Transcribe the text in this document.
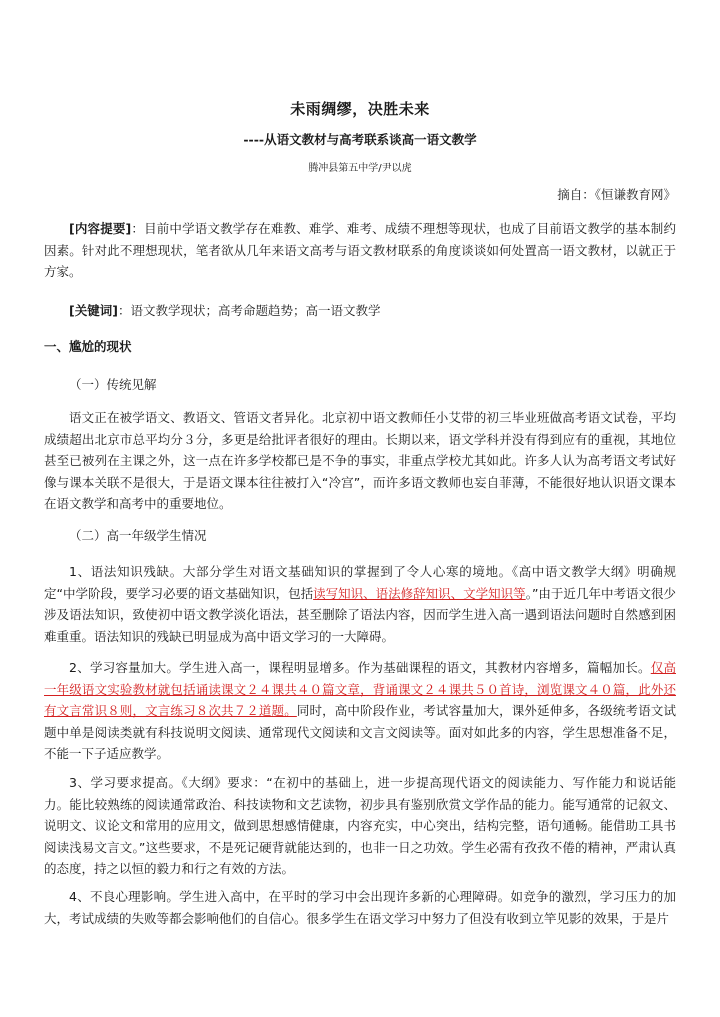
未雨绸缪，决胜未来
----从语文教材与高考联系谈高一语文教学
腾冲县第五中学/尹以虎
摘自：《恒谦教育网》

[内容提要]：目前中学语文教学存在难教、难学、难考、成绩不理想等现状，也成了目前语文教学的基本制约因素。针对此不理想现状，笔者欲从几年来语文高考与语文教材联系的角度谈谈如何处置高一语文教材，以就正于方家。

[关键词]：语文教学现状；高考命题趋势；高一语文教学

一、尴尬的现状
（一）传统见解

语文正在被学语文、教语文、管语文者异化。北京初中语文教师任小艾带的初三毕业班做高考语文试卷，平均成绩超出北京市总平均分３分，多更是给批评者很好的理由。长期以来，语文学科并没有得到应有的重视，其地位甚至已被列在主课之外，这一点在许多学校都已是不争的事实，非重点学校尤其如此。许多人认为高考语文考试好像与课本关联不是很大，于是语文课本往往被打入“冷宫”，而许多语文教师也妄自菲薄，不能很好地认识语文课本在语文教学和高考中的重要地位。

（二）高一年级学生情况

1、语法知识残缺。大部分学生对语文基础知识的掌握到了令人心寒的境地。《高中语文教学大纲》明确规定“中学阶段，要学习必要的语文基础知识，包括读写知识、语法修辞知识、文学知识等。”由于近几年中考语文很少涉及语法知识，致使初中语文教学淡化语法，甚至删除了语法内容，因而学生进入高一遇到语法问题时自然感到困难重重。语法知识的残缺已明显成为高中语文学习的一大障碍。

2、学习容量加大。学生进入高一，课程明显增多。作为基础课程的语文，其教材内容增多，篇幅加长。仅高一年级语文实验教材就包括诵读课文２４课共４０篇文章，背诵课文２４课共５０首诗，浏览课文４０篇，此外还有文言常识８则，文言练习８次共７２道题。同时，高中阶段作业，考试容量加大，课外延伸多，各级统考语文试题中单是阅读类就有科技说明文阅读、通常现代文阅读和文言文阅读等。面对如此多的内容，学生思想准备不足，不能一下子适应教学。

3、学习要求提高。《大纲》要求：“在初中的基础上，进一步提高现代语文的阅读能力、写作能力和说话能力。能比较熟练的阅读通常政治、科技读物和文艺读物，初步具有鉴别欣赏文学作品的能力。能写通常的记叙文、说明文、议论文和常用的应用文，做到思想感情健康，内容充实，中心突出，结构完整，语句通畅。能借助工具书阅读浅易文言文。”这些要求，不是死记硬背就能达到的，也非一日之功效。学生必需有孜孜不倦的精神，严肃认真的态度，持之以恒的毅力和行之有效的方法。

4、不良心理影响。学生进入高中，在平时的学习中会出现许多新的心理障碍。如竞争的激烈，学习压力的加大，考试成绩的失败等都会影响他们的自信心。很多学生在语文学习中努力了但没有收到立竿见影的效果，于是片
